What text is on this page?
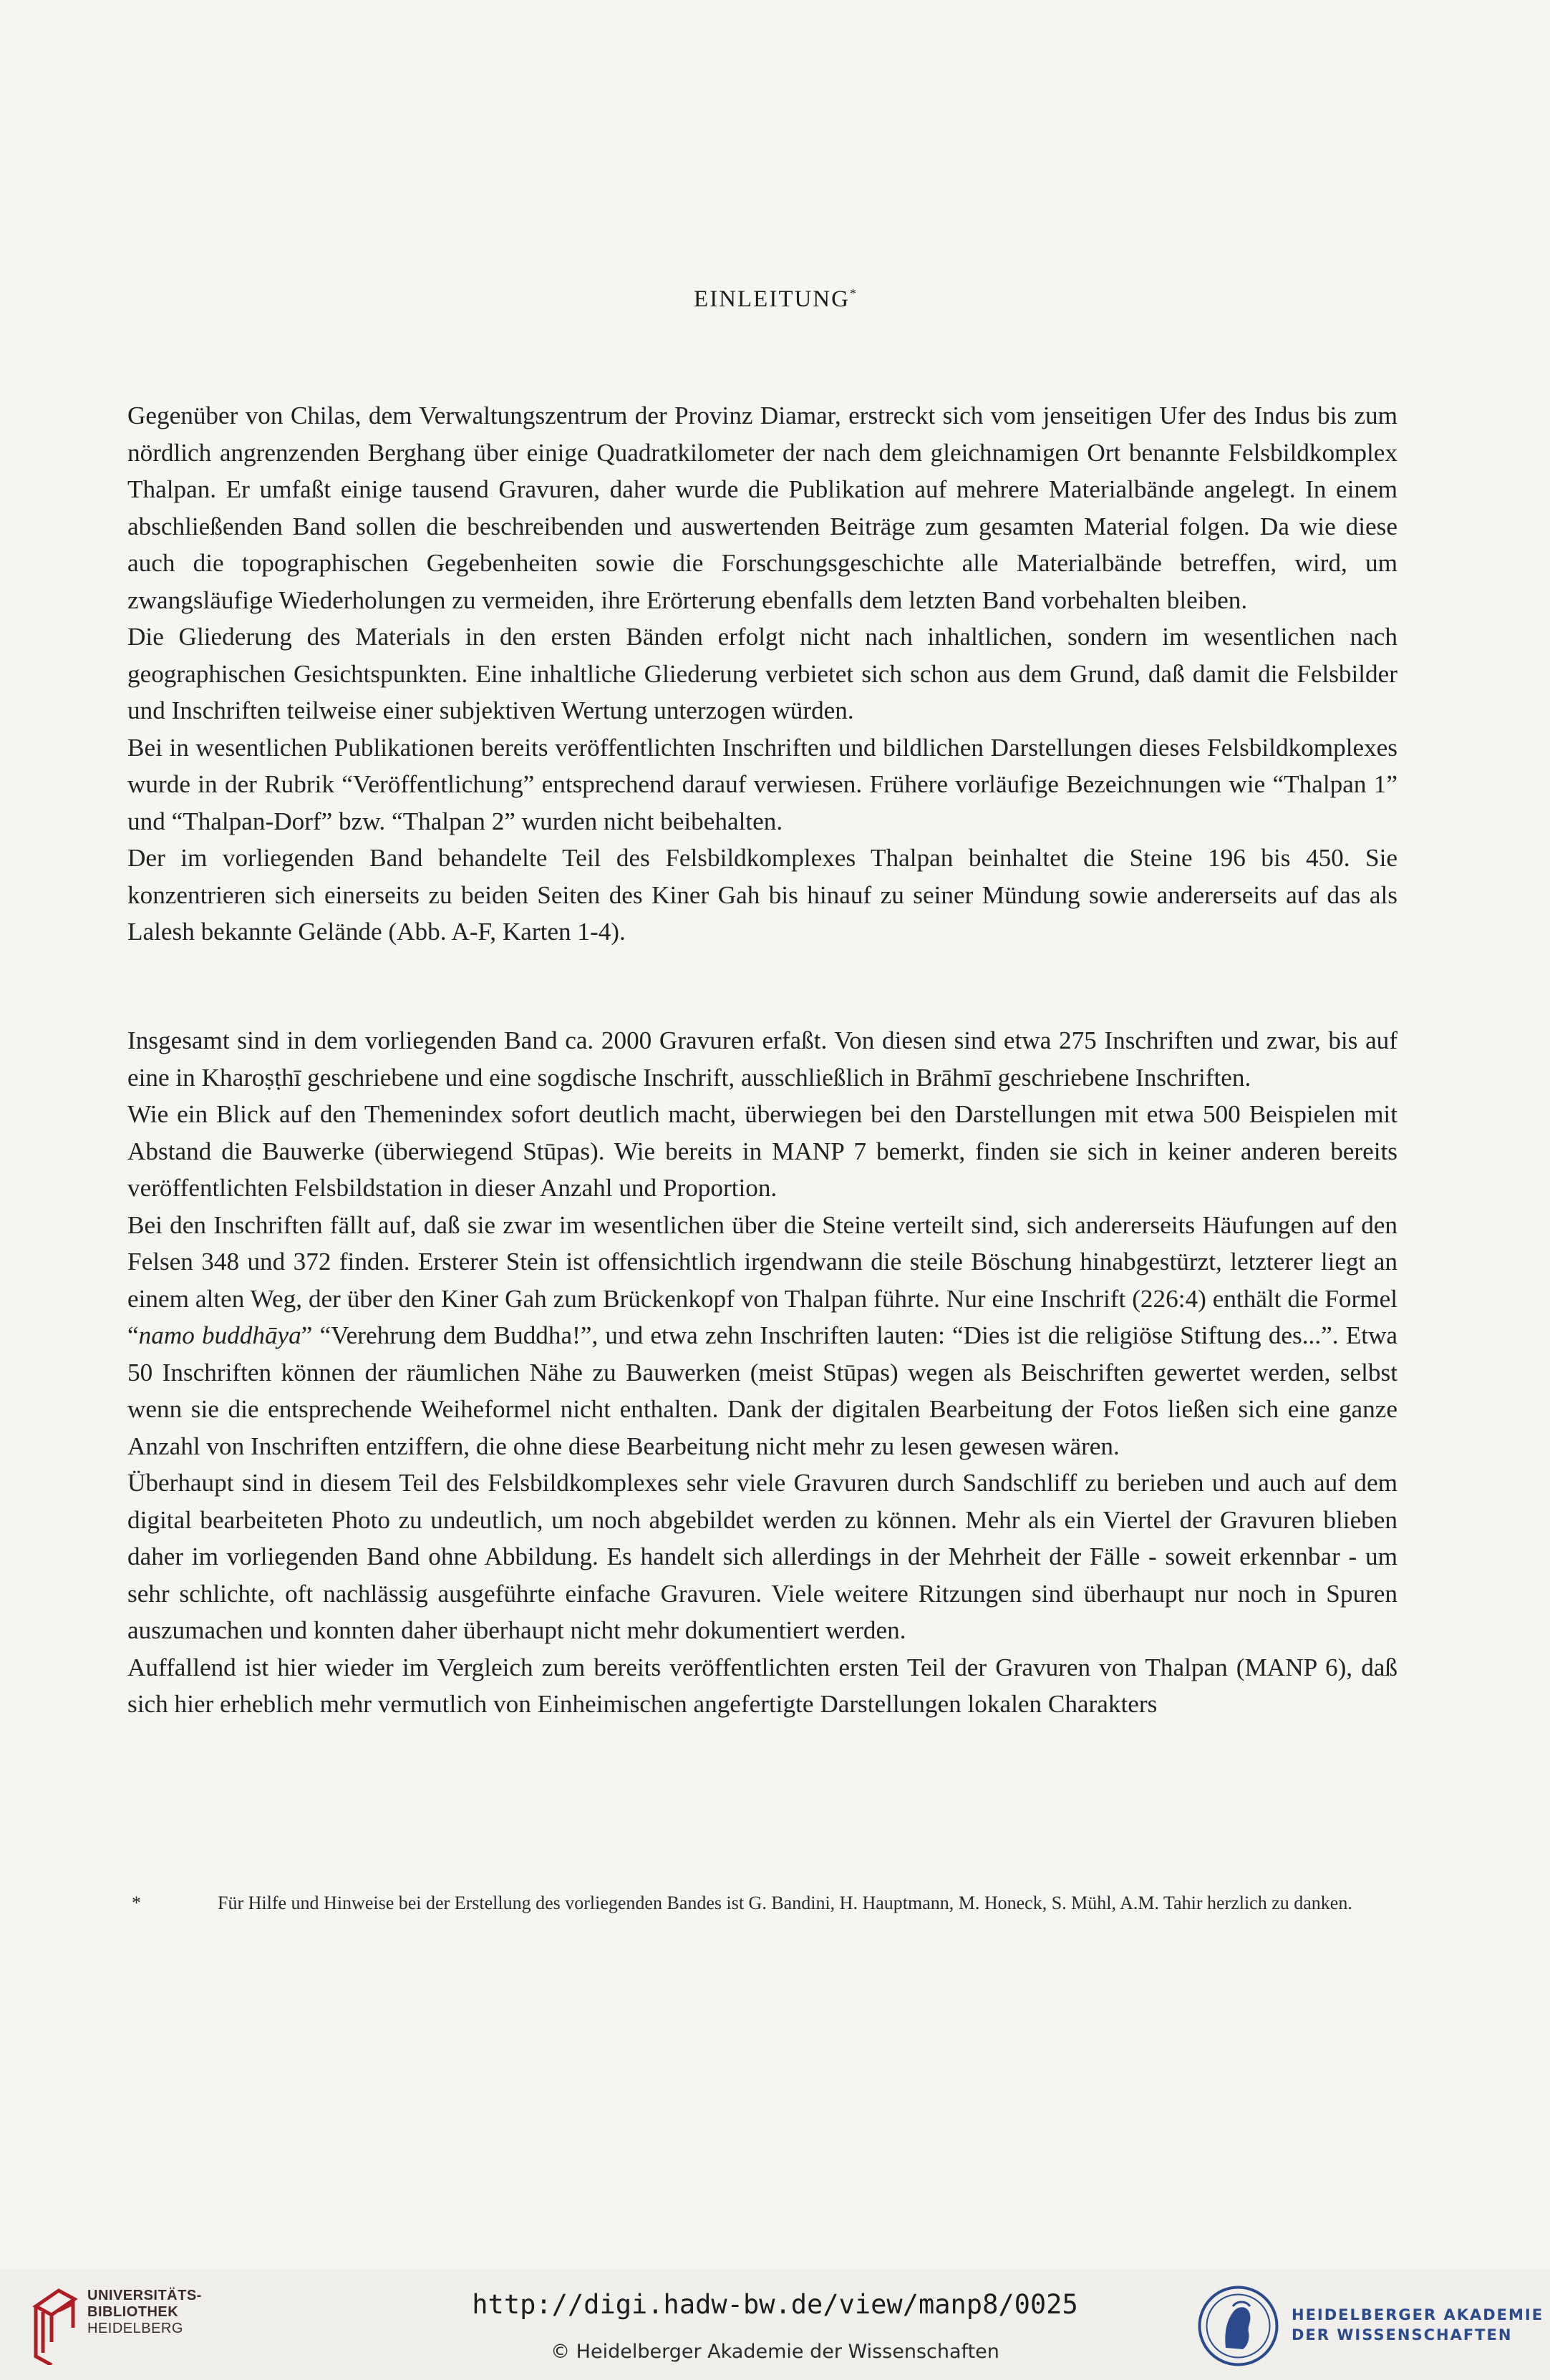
EINLEITUNG*

Gegenüber von Chilas, dem Verwaltungszentrum der Provinz Diamar, erstreckt sich vom jenseitigen Ufer des Indus bis zum nördlich angrenzenden Berghang über einige Quadratkilometer der nach dem gleichnamigen Ort benannte Felsbildkomplex Thalpan. Er umfaßt einige tausend Gravuren, daher wurde die Publikation auf mehrere Materialbände angelegt. In einem abschließenden Band sollen die beschreibenden und auswertenden Beiträge zum gesamten Material folgen. Da wie diese auch die topographischen Gegebenheiten sowie die Forschungsgeschichte alle Materialbände betreffen, wird, um zwangsläufige Wiederholungen zu vermeiden, ihre Erörterung ebenfalls dem letzten Band vorbehalten bleiben.

Die Gliederung des Materials in den ersten Bänden erfolgt nicht nach inhaltlichen, sondern im wesentlichen nach geographischen Gesichtspunkten. Eine inhaltliche Gliederung verbietet sich schon aus dem Grund, daß damit die Felsbilder und Inschriften teilweise einer subjektiven Wertung unterzogen würden.

Bei in wesentlichen Publikationen bereits veröffentlichten Inschriften und bildlichen Darstellungen dieses Felsbildkomplexes wurde in der Rubrik “Veröffentlichung” entsprechend darauf verwiesen. Frühere vorläufige Bezeichnungen wie “Thalpan 1” und “Thalpan-Dorf” bzw. “Thalpan 2” wurden nicht beibehalten.

Der im vorliegenden Band behandelte Teil des Felsbildkomplexes Thalpan beinhaltet die Steine 196 bis 450. Sie konzentrieren sich einerseits zu beiden Seiten des Kiner Gah bis hinauf zu seiner Mündung sowie andererseits auf das als Lalesh bekannte Gelände (Abb. A-F, Karten 1-4).

Insgesamt sind in dem vorliegenden Band ca. 2000 Gravuren erfaßt. Von diesen sind etwa 275 Inschriften und zwar, bis auf eine in Kharoṣṭhī geschriebene und eine sogdische Inschrift, ausschließlich in Brāhmī geschriebene Inschriften.

Wie ein Blick auf den Themenindex sofort deutlich macht, überwiegen bei den Darstellungen mit etwa 500 Beispielen mit Abstand die Bauwerke (überwiegend Stūpas). Wie bereits in MANP 7 bemerkt, finden sie sich in keiner anderen bereits veröffentlichten Felsbildstation in dieser Anzahl und Proportion.

Bei den Inschriften fällt auf, daß sie zwar im wesentlichen über die Steine verteilt sind, sich andererseits Häufungen auf den Felsen 348 und 372 finden. Ersterer Stein ist offensichtlich irgendwann die steile Böschung hinabgestürzt, letzterer liegt an einem alten Weg, der über den Kiner Gah zum Brückenkopf von Thalpan führte. Nur eine Inschrift (226:4) enthält die Formel “namo buddhāya” “Verehrung dem Buddha!”, und etwa zehn Inschriften lauten: “Dies ist die religiöse Stiftung des...”. Etwa 50 Inschriften können der räumlichen Nähe zu Bauwerken (meist Stūpas) wegen als Beischriften gewertet werden, selbst wenn sie die entsprechende Weiheformel nicht enthalten. Dank der digitalen Bearbeitung der Fotos ließen sich eine ganze Anzahl von Inschriften entziffern, die ohne diese Bearbeitung nicht mehr zu lesen gewesen wären.

Überhaupt sind in diesem Teil des Felsbildkomplexes sehr viele Gravuren durch Sandschliff zu berieben und auch auf dem digital bearbeiteten Photo zu undeutlich, um noch abgebildet werden zu können. Mehr als ein Viertel der Gravuren blieben daher im vorliegenden Band ohne Abbildung. Es handelt sich allerdings in der Mehrheit der Fälle - soweit erkennbar - um sehr schlichte, oft nachlässig ausgeführte einfache Gravuren. Viele weitere Ritzungen sind überhaupt nur noch in Spuren auszumachen und konnten daher überhaupt nicht mehr dokumentiert werden.

Auffallend ist hier wieder im Vergleich zum bereits veröffentlichten ersten Teil der Gravuren von Thalpan (MANP 6), daß sich hier erheblich mehr vermutlich von Einheimischen angefertigte Darstellungen lokalen Charakters

*	Für Hilfe und Hinweise bei der Erstellung des vorliegenden Bandes ist G. Bandini, H. Hauptmann, M. Honeck, S. Mühl, A.M. Tahir herzlich zu danken.
UNIVERSITÄTS-
BIBLIOTHEK
HEIDELBERG
http://digi.hadw-bw.de/view/manp8/0025
© Heidelberger Akademie der Wissenschaften
HEIDELBERGER AKADEMIE
DER WISSENSCHAFTEN
